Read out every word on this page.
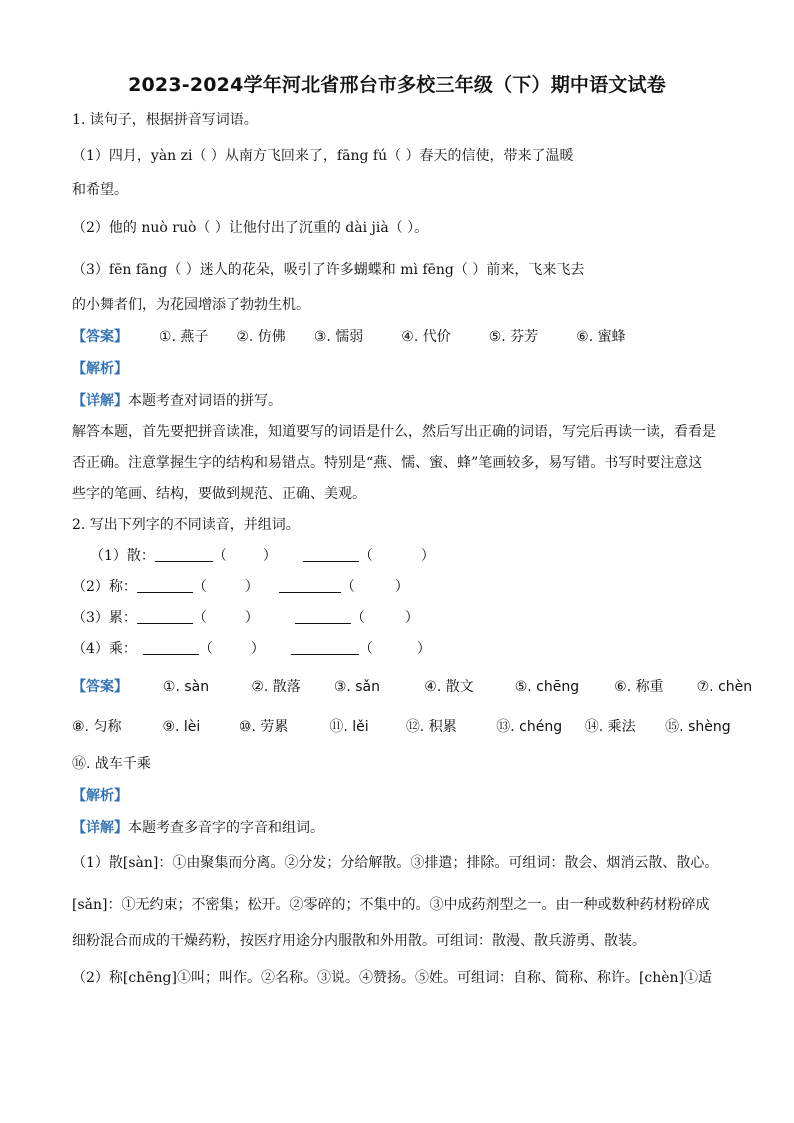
2023-2024学年河北省邢台市多校三年级（下）期中语文试卷
1. 读句子，根据拼音写词语。
（1）四月，yàn zi（ ）从南方飞回来了，fāng fú（ ）春天的信使，带来了温暖
和希望。
（2）他的 nuò ruò（ ）让他付出了沉重的 dài jià（ ）。
（3）fēn fāng（ ）迷人的花朵，吸引了许多蝴蝶和 mì fēng（ ）前来，飞来飞去
的小舞者们，为花园增添了勃勃生机。
【答案】 ①. 燕子 ②. 仿佛 ③. 懦弱	④. 代价	⑤. 芬芳	⑥. 蜜蜂
【解析】
【详解】本题考查对词语的拼写。
解答本题，首先要把拼音读准，知道要写的词语是什么，然后写出正确的词语，写完后再读一读，看看是
否正确。注意掌握生字的结构和易错点。特别是“燕、懦、蜜、蜂”笔画较多，易写错。书写时要注意这
些字的笔画、结构，要做到规范、正确、美观。
2. 写出下列字的不同读音，并组词。
（1）散：	（	）	（	）
（2）称：	（	）	（	）
（3）累：	（	）	（	）
（4）乘：	（	）	（	）
【答案】 ①. sàn	②. 散落 ③. sǎn	④. 散文	⑤. chēng	⑥. 称重 ⑦. chèn
⑧. 匀称	⑨. lèi	⑩. 劳累	⑪. lěi	⑫. 积累	⑬. chéng ⑭. 乘法 ⑮. shèng
⑯. 战车千乘
【解析】
【详解】本题考查多音字的字音和组词。
（1）散[sàn]：①由聚集而分离。②分发；分给解散。③排遣；排除。可组词：散会、烟消云散、散心。
[sǎn]：①无约束；不密集；松开。②零碎的；不集中的。③中成药剂型之一。由一种或数种药材粉碎成
细粉混合而成的干燥药粉，按医疗用途分内服散和外用散。可组词：散漫、散兵游勇、散装。
（2）称[chēng]①叫；叫作。②名称。③说。④赞扬。⑤姓。可组词：自称、简称、称许。[chèn]①适
